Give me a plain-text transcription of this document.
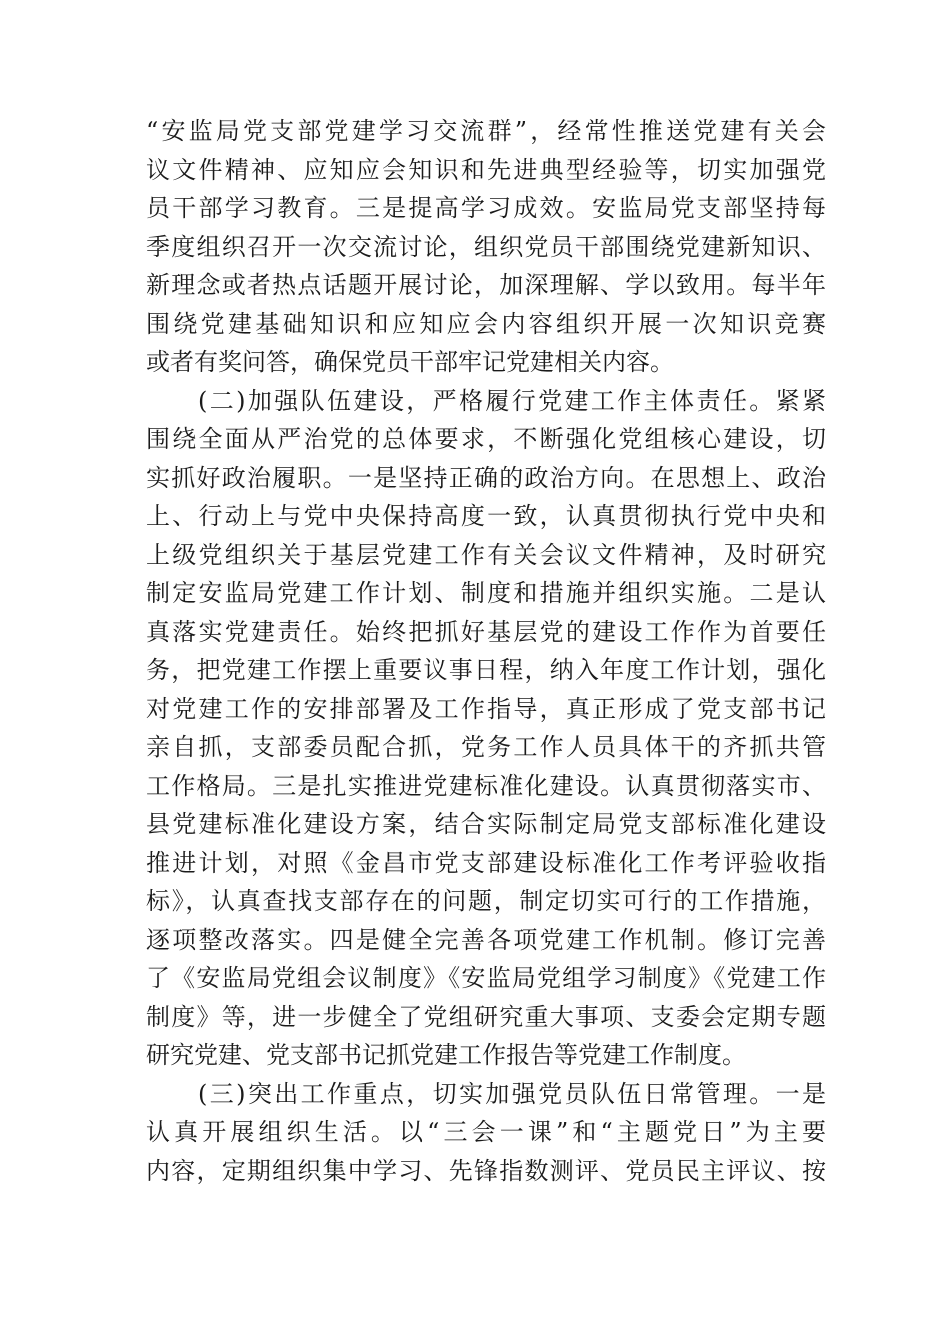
“安监局党支部党建学习交流群”，经常性推送党建有关会
议文件精神、应知应会知识和先进典型经验等，切实加强党
员干部学习教育。三是提高学习成效。安监局党支部坚持每
季度组织召开一次交流讨论，组织党员干部围绕党建新知识、
新理念或者热点话题开展讨论，加深理解、学以致用。每半年
围绕党建基础知识和应知应会内容组织开展一次知识竞赛
或者有奖问答，确保党员干部牢记党建相关内容。
(二)加强队伍建设，严格履行党建工作主体责任。紧紧
围绕全面从严治党的总体要求，不断强化党组核心建设，切
实抓好政治履职。一是坚持正确的政治方向。在思想上、政治
上、行动上与党中央保持高度一致，认真贯彻执行党中央和
上级党组织关于基层党建工作有关会议文件精神，及时研究
制定安监局党建工作计划、制度和措施并组织实施。二是认
真落实党建责任。始终把抓好基层党的建设工作作为首要任
务，把党建工作摆上重要议事日程，纳入年度工作计划，强化
对党建工作的安排部署及工作指导，真正形成了党支部书记
亲自抓，支部委员配合抓，党务工作人员具体干的齐抓共管
工作格局。三是扎实推进党建标准化建设。认真贯彻落实市、
县党建标准化建设方案，结合实际制定局党支部标准化建设
推进计划，对照《金昌市党支部建设标准化工作考评验收指
标》，认真查找支部存在的问题，制定切实可行的工作措施，
逐项整改落实。四是健全完善各项党建工作机制。修订完善
了《安监局党组会议制度》《安监局党组学习制度》《党建工作
制度》等，进一步健全了党组研究重大事项、支委会定期专题
研究党建、党支部书记抓党建工作报告等党建工作制度。
(三)突出工作重点，切实加强党员队伍日常管理。一是
认真开展组织生活。以“三会一课”和“主题党日”为主要
内容，定期组织集中学习、先锋指数测评、党员民主评议、按
